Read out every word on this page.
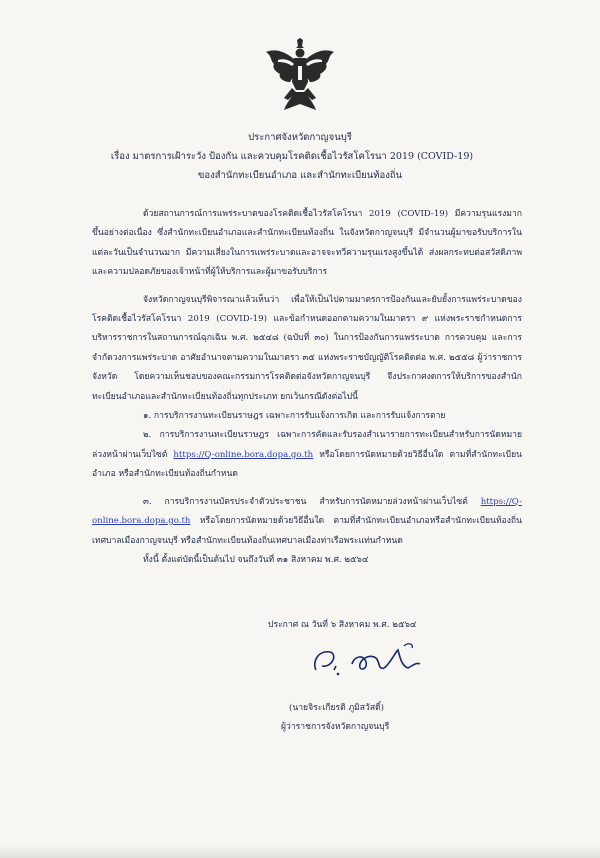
ประกาศจังหวัดกาญจนบุรี
เรื่อง มาตรการเฝ้าระวัง ป้องกัน และควบคุมโรคติดเชื้อไวรัสโคโรนา 2019 (COVID-19)
ของสำนักทะเบียนอำเภอ และสำนักทะเบียนท้องถิ่น

ด้วยสถานการณ์การแพร่ระบาดของโรคติดเชื้อไวรัสโคโรนา 2019 (COVID-19) มีความรุนแรงมากขึ้นอย่างต่อเนื่อง ซึ่งสำนักทะเบียนอำเภอและสำนักทะเบียนท้องถิ่น ในจังหวัดกาญจนบุรี มีจำนวนผู้มาขอรับบริการในแต่ละวันเป็นจำนวนมาก มีความเสี่ยงในการแพร่ระบาดและอาจจะทวีความรุนแรงสูงขึ้นได้ ส่งผลกระทบต่อสวัสดิภาพและความปลอดภัยของเจ้าหน้าที่ผู้ให้บริการและผู้มาขอรับบริการ

จังหวัดกาญจนบุรีพิจารณาแล้วเห็นว่า เพื่อให้เป็นไปตามมาตรการป้องกันและยับยั้งการแพร่ระบาดของโรคติดเชื้อไวรัสโคโรนา 2019 (COVID-19) และข้อกำหนดออกตามความในมาตรา ๙ แห่งพระราชกำหนดการบริหารราชการในสถานการณ์ฉุกเฉิน พ.ศ. ๒๕๔๘ (ฉบับที่ ๓๐) ในการป้องกันการแพร่ระบาด การควบคุม และการจำกัดวงการแพร่ระบาด อาศัยอำนาจตามความในมาตรา ๓๕ แห่งพระราชบัญญัติโรคติดต่อ พ.ศ. ๒๕๕๘ ผู้ว่าราชการจังหวัด โดยความเห็นชอบของคณะกรรมการโรคติดต่อจังหวัดกาญจนบุรี จึงประกาศงดการให้บริการของสำนักทะเบียนอำเภอและสำนักทะเบียนท้องถิ่นทุกประเภท ยกเว้นกรณีดังต่อไปนี้

๑. การบริการงานทะเบียนราษฎร เฉพาะการรับแจ้งการเกิด และการรับแจ้งการตาย

๒. การบริการงานทะเบียนราษฎร เฉพาะการคัดและรับรองสำเนารายการทะเบียนสำหรับการนัดหมายล่วงหน้าผ่านเว็บไซต์ https://Q-online.bora.dopa.go.th หรือโดยการนัดหมายด้วยวิธีอื่นใด ตามที่สำนักทะเบียนอำเภอ หรือสำนักทะเบียนท้องถิ่นกำหนด

๓. การบริการงานบัตรประจำตัวประชาชน สำหรับการนัดหมายล่วงหน้าผ่านเว็บไซต์ https://Q-online.bora.dopa.go.th หรือโดยการนัดหมายด้วยวิธีอื่นใด ตามที่สำนักทะเบียนอำเภอหรือสำนักทะเบียนท้องถิ่นเทศบาลเมืองกาญจนบุรี หรือสำนักทะเบียนท้องถิ่นเทศบาลเมืองท่าเรือพระแท่นกำหนด

ทั้งนี้ ตั้งแต่บัดนี้เป็นต้นไป จนถึงวันที่ ๓๑ สิงหาคม พ.ศ. ๒๕๖๔

ประกาศ ณ วันที่ ๖ สิงหาคม พ.ศ. ๒๕๖๔
(นายจิระเกียรติ ภูมิสวัสดิ์)
ผู้ว่าราชการจังหวัดกาญจนบุรี
